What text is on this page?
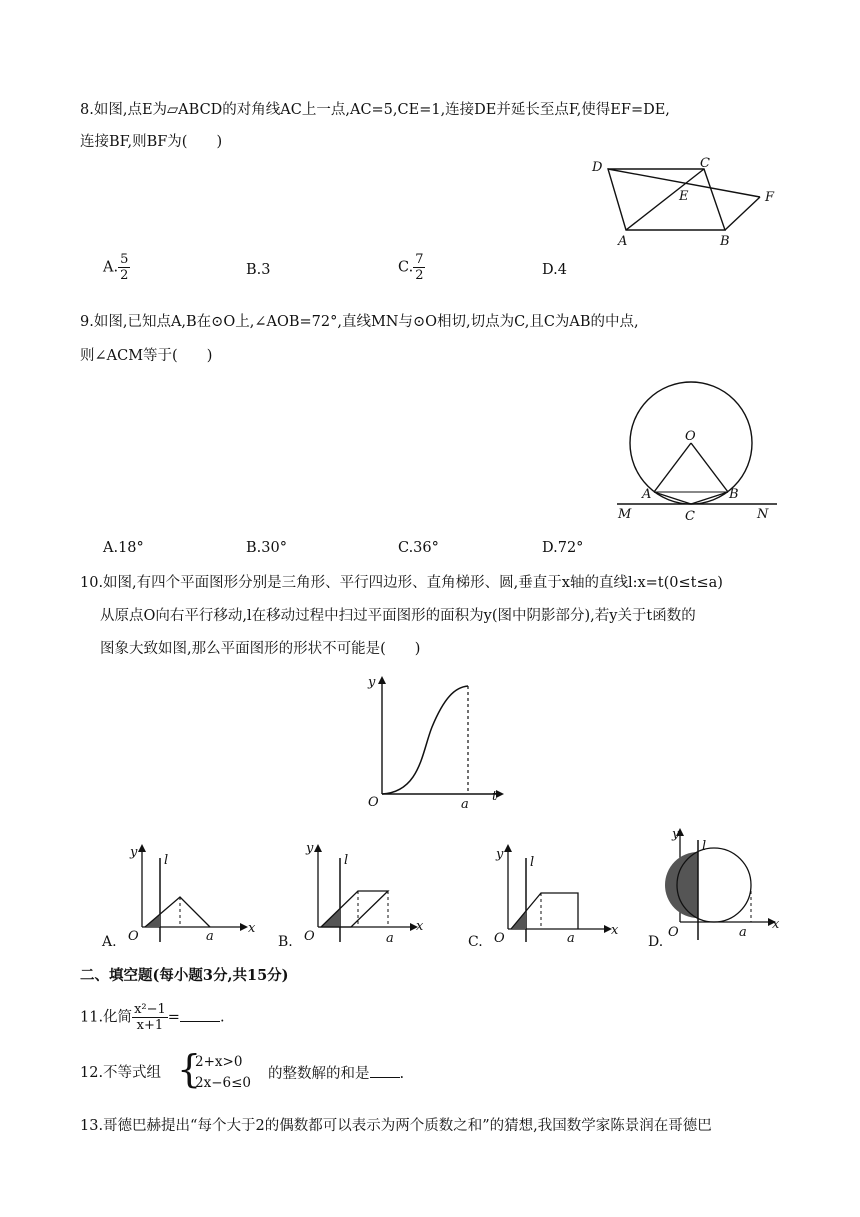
8.如图,点E为▱ABCD的对角线AC上一点,AC=5,CE=1,连接DE并延长至点F,使得EF=DE,
连接BF,则BF为(　　)
D	C
E	F
A	B
A. $\frac{5}{2}$	B.3	C. $\frac{7}{2}$	D.4
9.如图,已知点A,B在⊙O上,∠AOB=72°,直线MN与⊙O相切,切点为C,且C为AB的中点,
则∠ACM等于(　　)
O
A	B
C
M	N
A.18°	B.30°	C.36°	D.72°
10.如图,有四个平面图形分别是三角形、平行四边形、直角梯形、圆,垂直于x轴的直线l:x=t(0≤t≤a)
从原点O向右平行移动,l在移动过程中扫过平面图形的面积为y(图中阴影部分),若y关于t函数的
图象大致如图,那么平面图形的形状不可能是(　　)
y
t
O	a
A.
y
l
x
O	a	B.
y
l
x
O	a	C.
y
l
x
O	a	D.
y
l
x
O	a
二、填空题(每小题3分,共15分)
11.化简 $\frac{\text{x²−1}}{x+1}$ =	.
12.不等式组 {
2+x>0
2x−6≤0
的整数解的和是 .
13.哥德巴赫提出“每个大于2的偶数都可以表示为两个质数之和”的猜想,我国数学家陈景润在哥德巴
